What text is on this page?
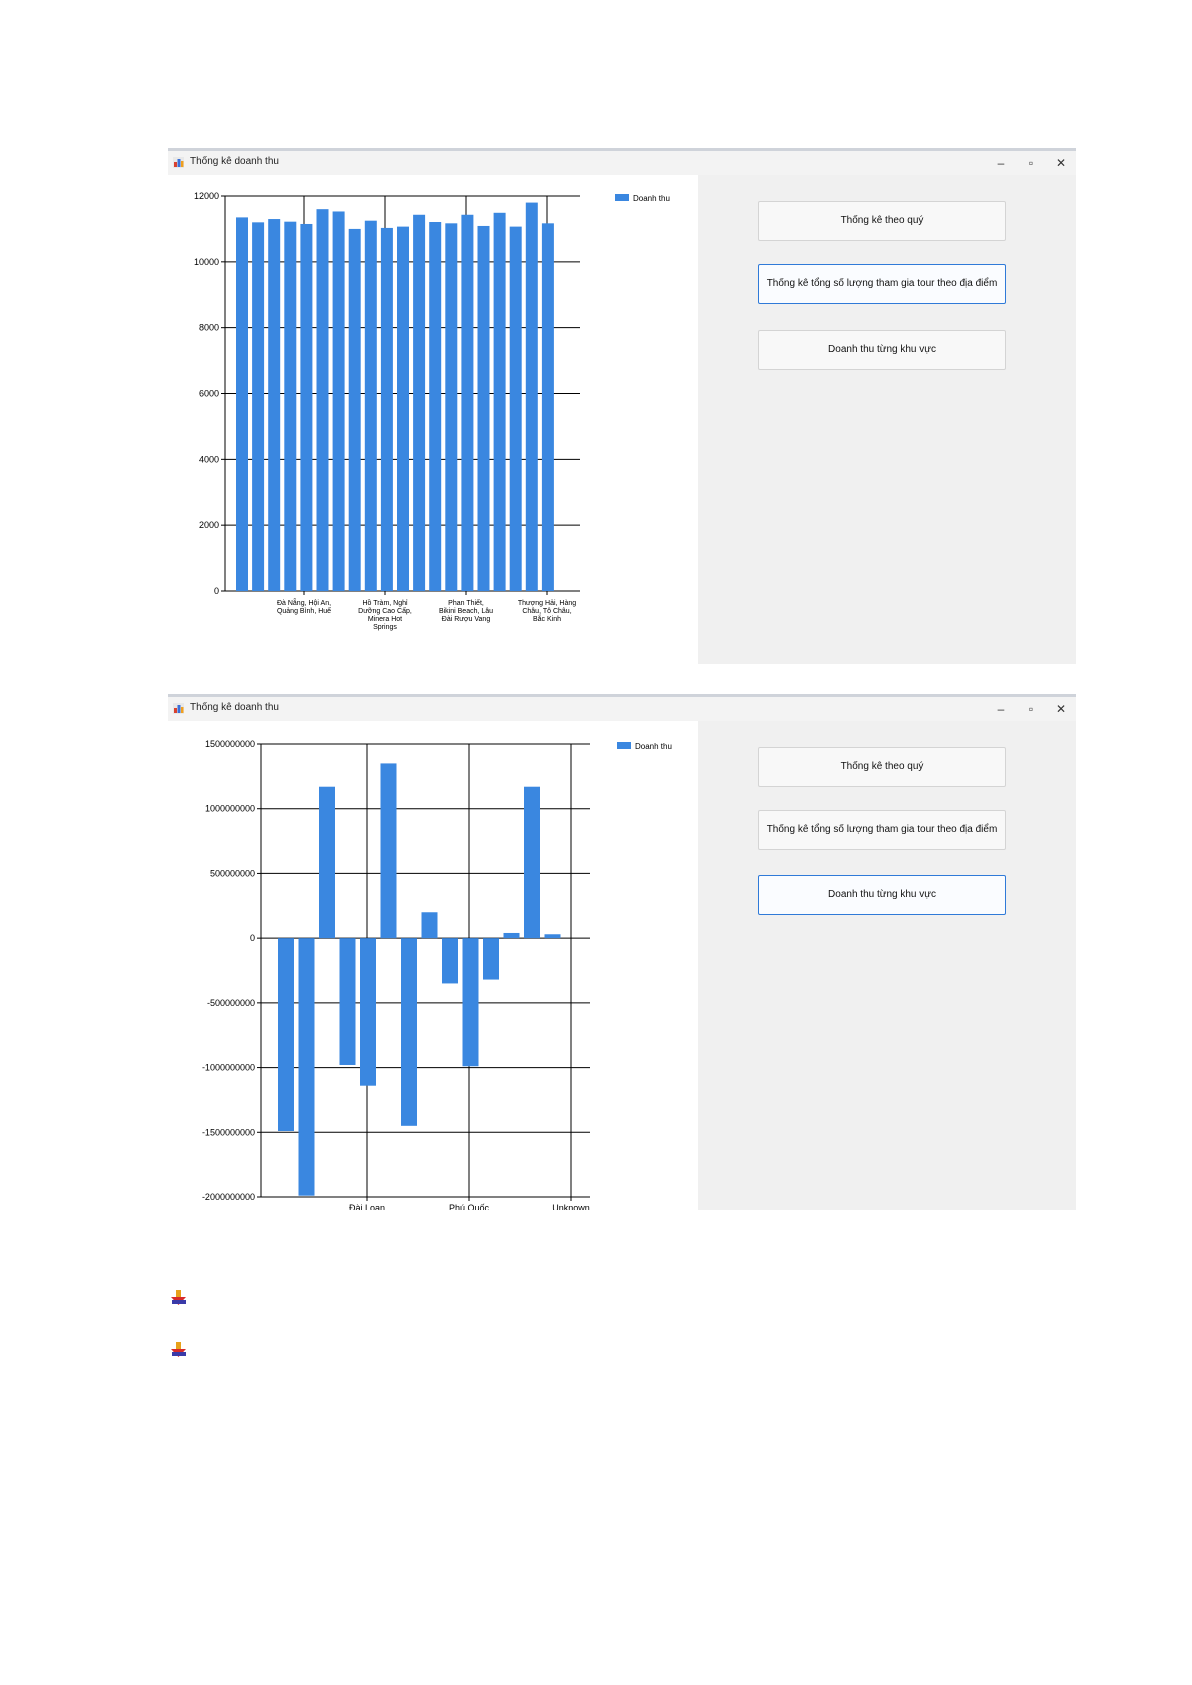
Thống kê doanh thu	–	▫	✕
0
2000
4000
6000
8000
10000
12000
Đà Nẵng, Hội An, Quảng Bình, Huế
Hồ Tràm, Nghỉ Dưỡng Cao Cấp, Minera Hot Springs
Phan Thiết, Bikini Beach, Lâu Đài Rượu Vang
Thượng Hải, Hàng Châu, Tô Châu, Bắc Kinh
Doanh thu
Thống kê theo quý
Thống kê tổng số lượng tham gia tour theo địa điểm
Doanh thu từng khu vực
Thống kê doanh thu	–	▫	✕
-2000000000
-1500000000
-1000000000
-500000000
0
500000000
1000000000
1500000000
Đài Loan	Phú Quốc	Unknown
Doanh thu
Thống kê theo quý
Thống kê tổng số lượng tham gia tour theo địa điểm
Doanh thu từng khu vực
